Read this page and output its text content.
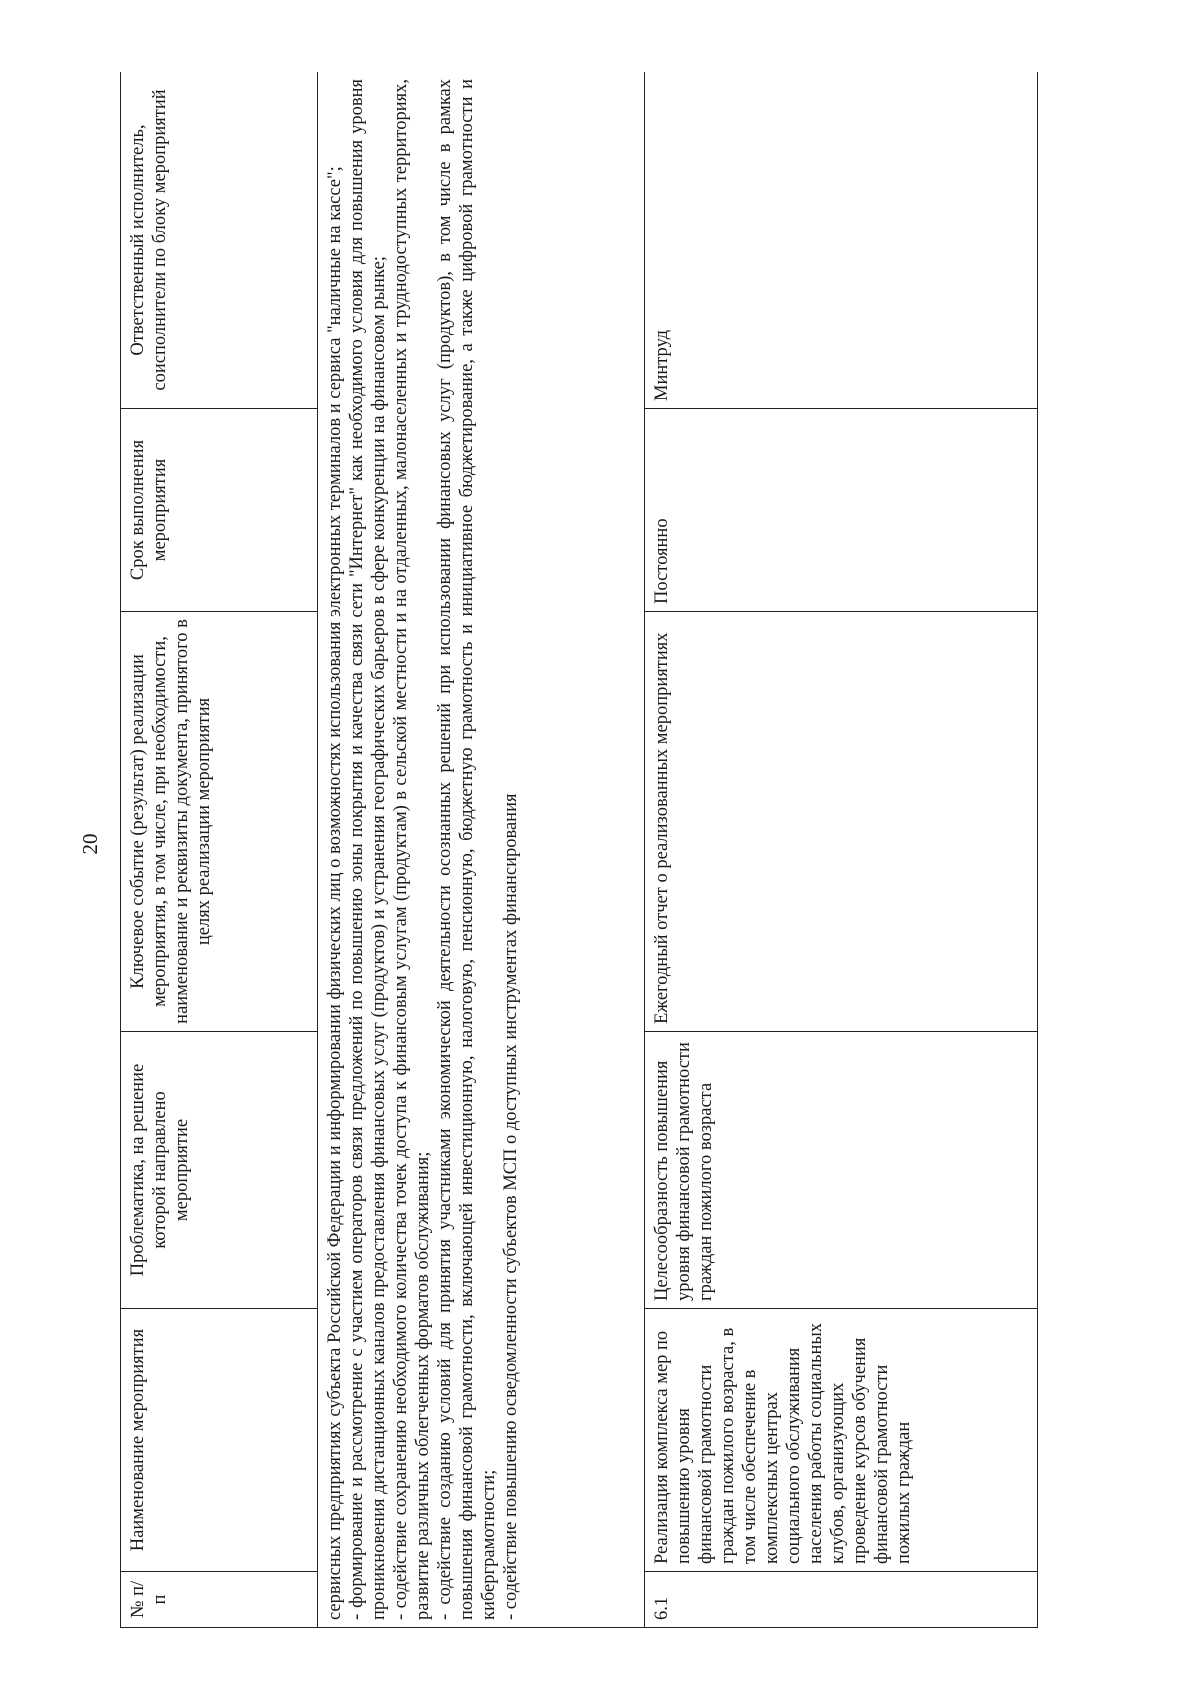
20
№ п/п	Наименование мероприятия	Проблематика, на решение которой направлено мероприятие	Ключевое событие (результат) реализации мероприятия, в том числе, при необходимости, наименование и реквизиты документа, принятого в целях реализации мероприятия	Срок выполнения мероприятия	Ответственный исполнитель, соисполнители по блоку мероприятий

сервисных предприятиях субъекта Российской Федерации и информировании физических лиц о возможностях использования электронных терминалов и сервиса "наличные на кассе"; - формирование и рассмотрение с участием операторов связи предложений по повышению зоны покрытия и качества связи сети "Интернет" как необходимого условия для повышения уровня проникновения дистанционных каналов предоставления финансовых услуг (продуктов) и устранения географических барьеров в сфере конкуренции на финансовом рынке; - содействие сохранению необходимого количества точек доступа к финансовым услугам (продуктам) в сельской местности и на отдаленных, малонаселенных и труднодоступных территориях, развитие различных облегченных форматов обслуживания; - содействие созданию условий для принятия участниками экономической деятельности осознанных решений при использовании финансовых услуг (продуктов), в том числе в рамках повышения финансовой грамотности, включающей инвестиционную, налоговую, пенсионную, бюджетную грамотность и инициативное бюджетирование, а также цифровой грамотности и киберграмотности; - содействие повышению осведомленности субъектов МСП о доступных инструментах финансирования					

6.1	Реализация комплекса мер по повышению уровня финансовой грамотности граждан пожилого возраста, в том числе обеспечение в комплексных центрах социального обслуживания населения работы социальных клубов, организующих проведение курсов обучения финансовой грамотности пожилых граждан	Целесообразность повышения уровня финансовой грамотности граждан пожилого возраста	Ежегодный отчет о реализованных мероприятиях	Постоянно	Минтруд
